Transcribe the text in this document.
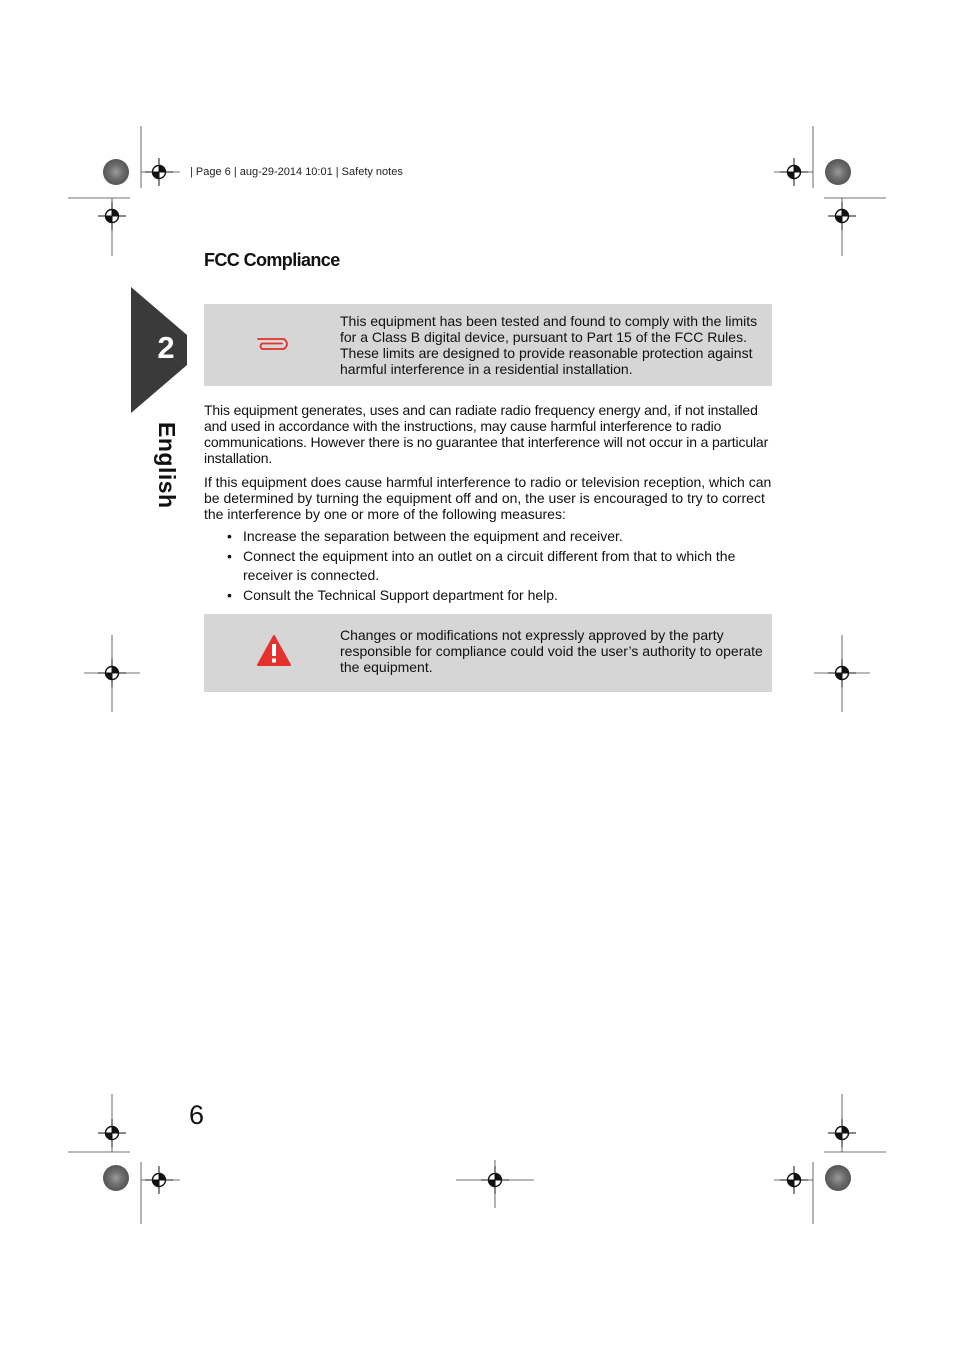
| Page 6 | aug-29-2014 10:01 | Safety notes
FCC Compliance
2
English
This equipment has been tested and found to comply with the limits for a Class B digital device, pursuant to Part 15 of the FCC Rules. These limits are designed to provide reasonable protection against harmful interference in a residential installation.

This equipment generates, uses and can radiate radio frequency energy and, if not installed and used in accordance with the instructions, may cause harmful interference to radio communications. However there is no guarantee that interference will not occur in a particular installation.

If this equipment does cause harmful interference to radio or television reception, which can be determined by turning the equipment off and on, the user is encouraged to try to correct the interference by one or more of the following measures:

• Increase the separation between the equipment and receiver.
• Connect the equipment into an outlet on a circuit different from that to which the receiver is connected.
• Consult the Technical Support department for help.
Changes or modifications not expressly approved by the party responsible for compliance could void the user’s authority to operate the equipment.
6
